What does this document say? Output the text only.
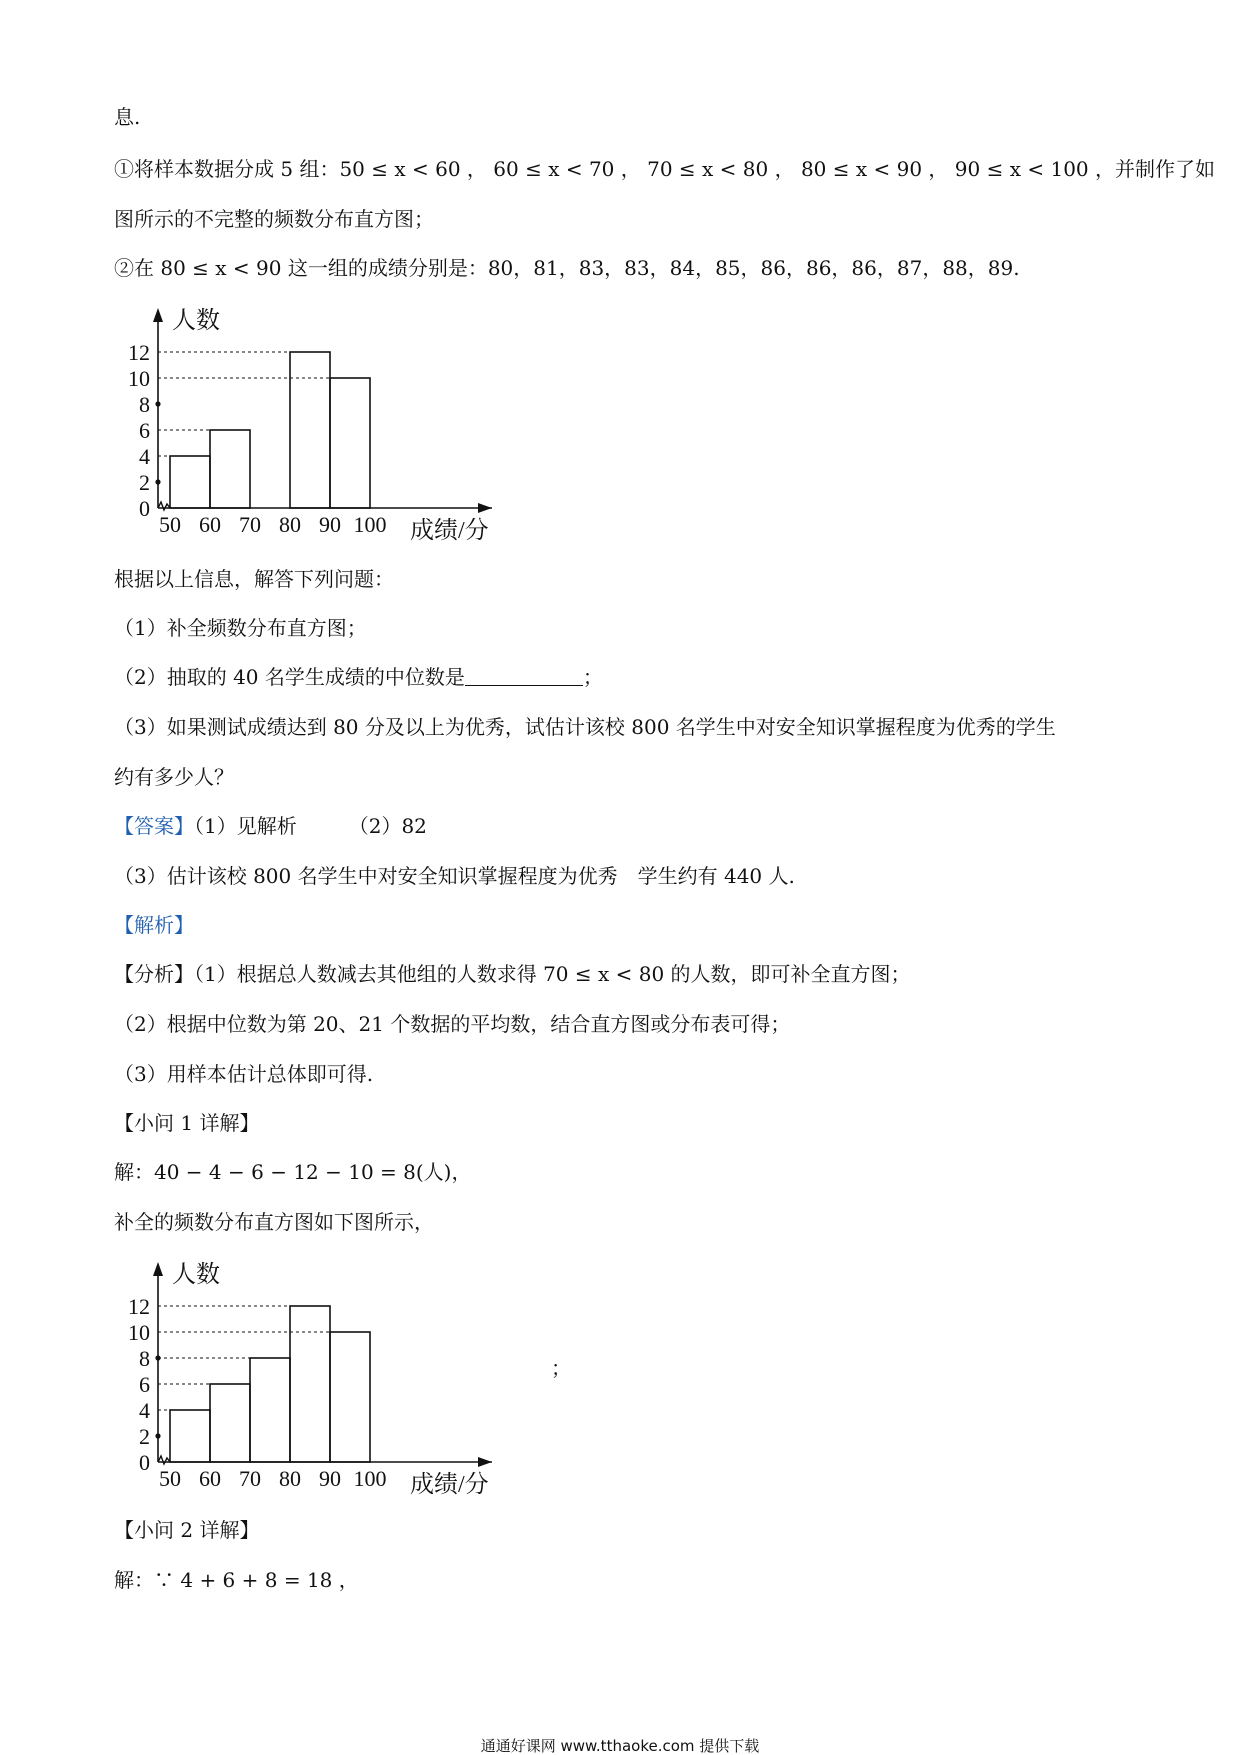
息.
①将样本数据分成 5 组：50 ≤ x < 60 ， 60 ≤ x < 70 ， 70 ≤ x < 80 ， 80 ≤ x < 90 ， 90 ≤ x < 100 ，并制作了如
图所示的不完整的频数分布直方图；
②在 80 ≤ x < 90 这一组的成绩分别是：80，81，83，83，84，85，86，86，86，87，88，89.
人数
0
2
4
6
8
10
12
50 60 70 80 90 100 成绩/分
根据以上信息，解答下列问题：
（1）补全频数分布直方图；
（2）抽取的 40 名学生成绩的中位数是	；
（3）如果测试成绩达到 80 分及以上为优秀，试估计该校 800 名学生中对安全知识掌握程度为优秀的学生
约有多少人？
【答案】（1）见解析	（2）82
（3）估计该校 800 名学生中对安全知识掌握程度为优秀 学生约有 440 人.
【解析】
【分析】（1）根据总人数减去其他组的人数求得 70 ≤ x < 80 的人数，即可补全直方图；
（2）根据中位数为第 20、21 个数据的平均数，结合直方图或分布表可得；
（3）用样本估计总体即可得.
【小问 1 详解】
解：40 − 4 − 6 − 12 − 10 = 8(人)，
补全的频数分布直方图如下图所示，
人数
0
2
4
6
8
10
12
50 60 70 80 90 100 成绩/分
；
【小问 2 详解】
解：∵ 4 + 6 + 8 = 18 ，
通通好课网 www.tthaoke.com 提供下载
